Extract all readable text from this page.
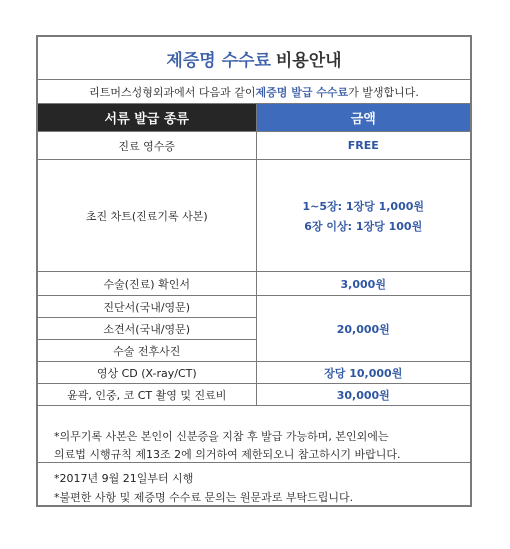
제증명 수수료 비용안내
리트머스성형외과에서 다음과 같이 제증명 발급 수수료 가 발생합니다.
서류 발급 종류	금액
진료 영수증	FREE
초진 차트(진료기록 사본)	1~5장: 1장당 1,000원
6장 이상: 1장당 100원

수술(진료) 확인서	3,000원
진단서(국내/영문)	20,000원
소견서(국내/영문)	
수술 전후사진	
영상 CD (X-ray/CT)	장당 10,000원
윤곽, 인중, 코 CT 촬영 및 진료비	30,000원
*의무기록 사본은 본인이 신분증을 지참 후 발급 가능하며, 본인외에는
의료법 시행규칙 제13조 2에 의거하여 제한되오니 참고하시기 바랍니다.
*2017년 9월 21일부터 시행
*불편한 사항 및 제증명 수수료 문의는 원문과로 부탁드립니다.
